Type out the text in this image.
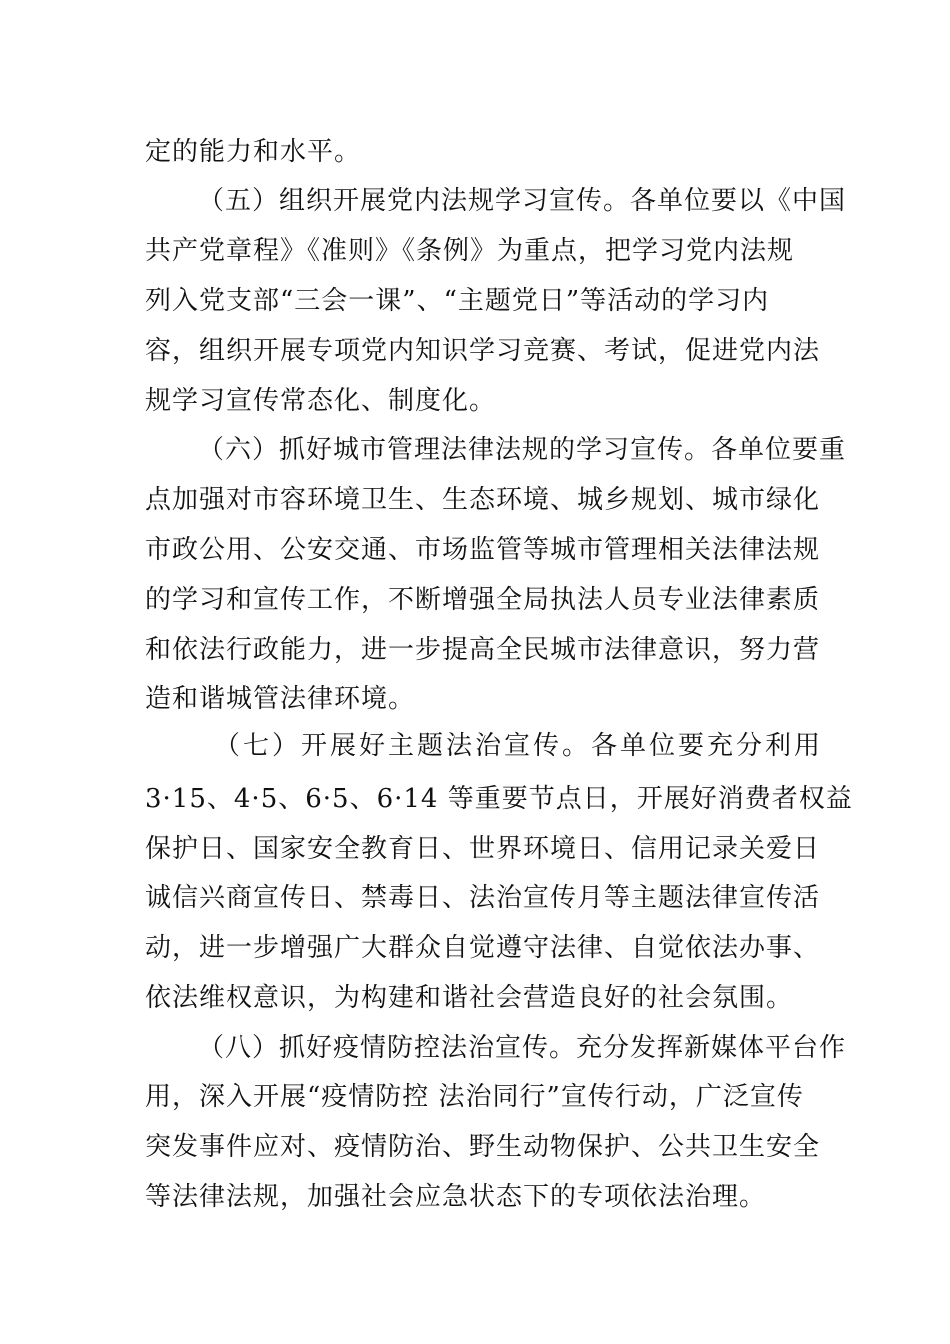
定的能力和水平。
（五）组织开展党内法规学习宣传。各单位要以《中国
共产党章程》《准则》《条例》为重点，把学习党内法规
列入党支部“三会一课”、“主题党日”等活动的学习内
容，组织开展专项党内知识学习竞赛、考试，促进党内法
规学习宣传常态化、制度化。
（六）抓好城市管理法律法规的学习宣传。各单位要重
点加强对市容环境卫生、生态环境、城乡规划、城市绿化
市政公用、公安交通、市场监管等城市管理相关法律法规
的学习和宣传工作，不断增强全局执法人员专业法律素质
和依法行政能力，进一步提高全民城市法律意识，努力营
造和谐城管法律环境。
（七）开展好主题法治宣传。各单位要充分利用
3·15、4·5、6·5、6·14 等重要节点日，开展好消费者权益
保护日、国家安全教育日、世界环境日、信用记录关爱日
诚信兴商宣传日、禁毒日、法治宣传月等主题法律宣传活
动，进一步增强广大群众自觉遵守法律、自觉依法办事、
依法维权意识，为构建和谐社会营造良好的社会氛围。
（八）抓好疫情防控法治宣传。充分发挥新媒体平台作
用，深入开展“疫情防控 法治同行”宣传行动，广泛宣传
突发事件应对、疫情防治、野生动物保护、公共卫生安全
等法律法规，加强社会应急状态下的专项依法治理。
